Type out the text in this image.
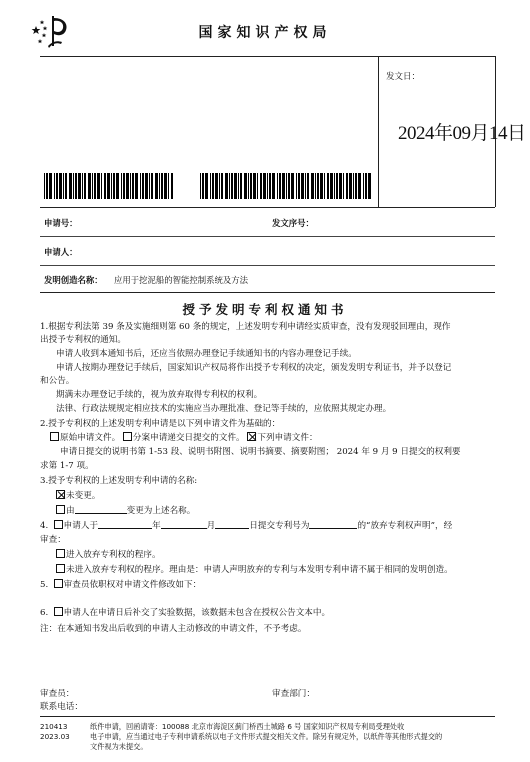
国家知识产权局
发文日：
2024年09月14日
申请号：	发文序号：
申请人：
发明创造名称： 应用于挖泥船的智能控制系统及方法
授予发明专利权通知书
1.根据专利法第 39 条及实施细则第 60 条的规定，上述发明专利申请经实质审查，没有发现驳回理由，现作
出授予专利权的通知。
申请人收到本通知书后，还应当依照办理登记手续通知书的内容办理登记手续。
申请人按期办理登记手续后，国家知识产权局将作出授予专利权的决定，颁发发明专利证书，并予以登记
和公告。
期满未办理登记手续的，视为放弃取得专利权的权利。
法律、行政法规规定相应技术的实施应当办理批准、登记等手续的，应依照其规定办理。
2.授予专利权的上述发明专利申请是以下列申请文件为基础的：
原始申请文件。 分案申请递交日提交的文件。 下列申请文件：
申请日提交的说明书第 1-53 段、说明书附图、说明书摘要、摘要附图； 2024 年 9 月 9 日提交的权利要
求第 1-7 项。
3.授予专利权的上述发明专利申请的名称:
未变更。
由	变更为上述名称。
4. 申请人于	年	月	日提交专利号为	的“放弃专利权声明”，经
审查：
进入放弃专利权的程序。
未进入放弃专利权的程序。理由是：申请人声明放弃的专利与本发明专利申请不属于相同的发明创造。
5. 审查员依职权对申请文件修改如下：
6. 申请人在申请日后补交了实验数据，该数据未包含在授权公告文本中。
注：在本通知书发出后收到的申请人主动修改的申请文件，不予考虑。
审查员：	审查部门：
联系电话：
210413
2023.03
纸件申请，回函请寄：100088 北京市海淀区蓟门桥西土城路 6 号 国家知识产权局专利局受理处收
电子申请，应当通过电子专利申请系统以电子文件形式提交相关文件。除另有规定外，以纸件等其他形式提交的
文件视为未提交。
